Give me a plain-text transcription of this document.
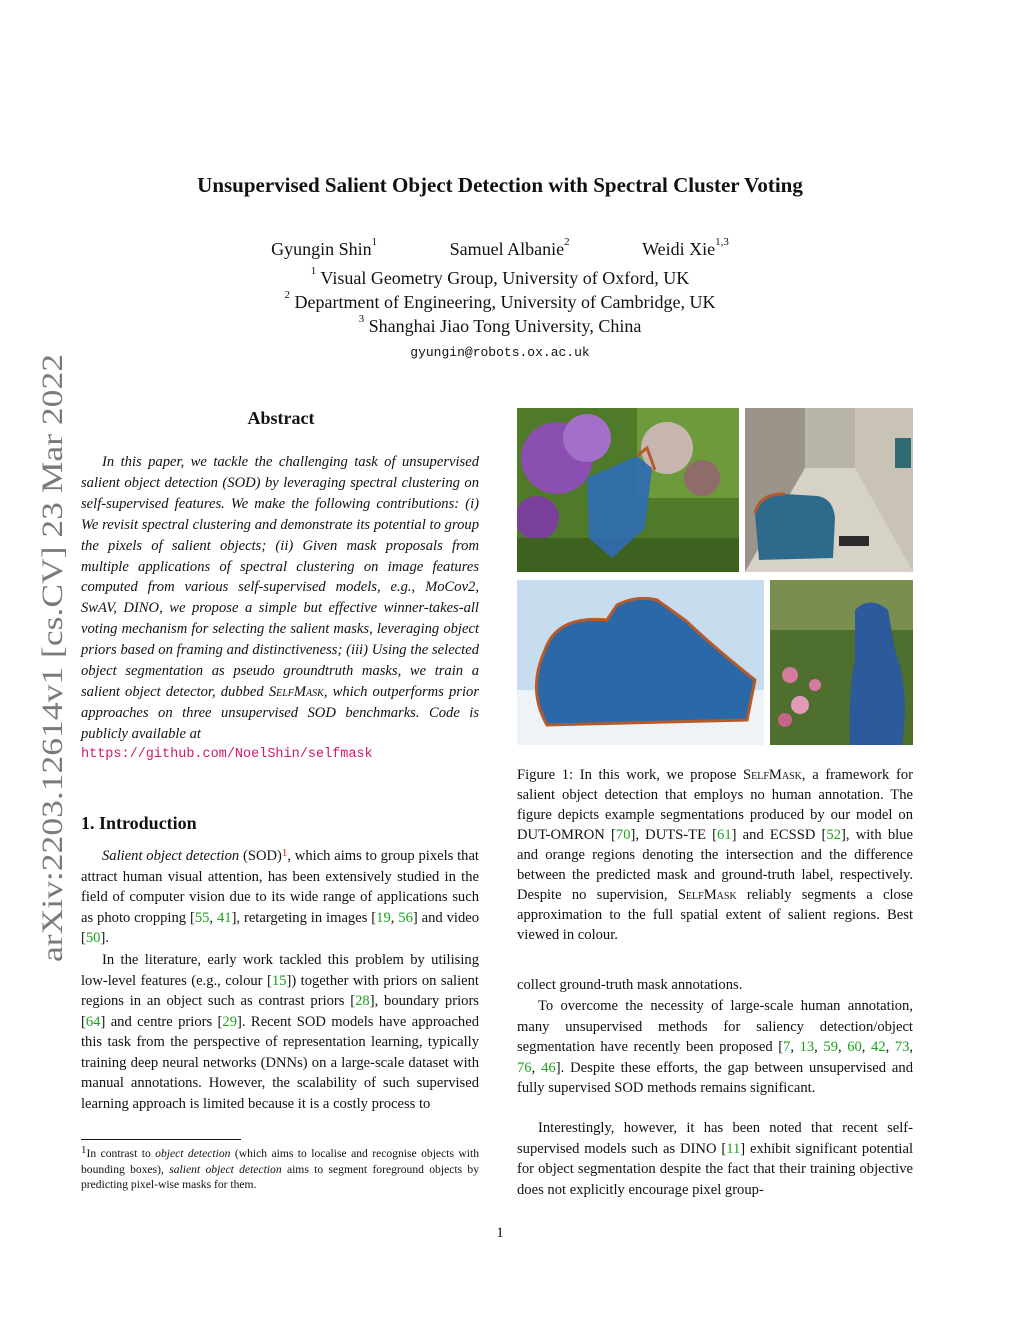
arXiv:2203.12614v1 [cs.CV] 23 Mar 2022
Unsupervised Salient Object Detection with Spectral Cluster Voting
Gyungin Shin$^1$	Samuel Albanie$^2$	Weidi Xie$^{1,3}$
$^1$ Visual Geometry Group, University of Oxford, UK
$^2$ Department of Engineering, University of Cambridge, UK
$^3$ Shanghai Jiao Tong University, China
gyungin@robots.ox.ac.uk
Abstract
In this paper, we tackle the challenging task of unsupervised salient object detection (SOD) by leveraging spectral clustering on self-supervised features. We make the following contributions: (i) We revisit spectral clustering and demonstrate its potential to group the pixels of salient objects; (ii) Given mask proposals from multiple applications of spectral clustering on image features computed from various self-supervised models, e.g., MoCov2, SwAV, DINO, we propose a simple but effective winner-takes-all voting mechanism for selecting the salient masks, leveraging object priors based on framing and distinctiveness; (iii) Using the selected object segmentation as pseudo groundtruth masks, we train a salient object detector, dubbed SelfMask, which outperforms prior approaches on three unsupervised SOD benchmarks. Code is publicly available at
https://github.com/NoelShin/selfmask
1. Introduction
Salient object detection (SOD)$^1$, which aims to group pixels that attract human visual attention, has been extensively studied in the field of computer vision due to its wide range of applications such as photo cropping [55, 41], retargeting in images [19, 56] and video [50].
In the literature, early work tackled this problem by utilising low-level features (e.g., colour [15]) together with priors on salient regions in an object such as contrast priors [28], boundary priors [64] and centre priors [29]. Recent SOD models have approached this task from the perspective of representation learning, typically training deep neural networks (DNNs) on a large-scale dataset with manual annotations. However, the scalability of such supervised learning approach is limited because it is a costly process to
$^1$In contrast to object detection (which aims to localise and recognise objects with bounding boxes), salient object detection aims to segment foreground objects by predicting pixel-wise masks for them.
Figure 1: In this work, we propose SelfMask, a framework for salient object detection that employs no human annotation. The figure depicts example segmentations produced by our model on DUT-OMRON [70], DUTS-TE [61] and ECSSD [52], with blue and orange regions denoting the intersection and the difference between the predicted mask and ground-truth label, respectively. Despite no supervision, SelfMask reliably segments a close approximation to the full spatial extent of salient regions. Best viewed in colour.
collect ground-truth mask annotations.
To overcome the necessity of large-scale human annotation, many unsupervised methods for saliency detection/object segmentation have recently been proposed [7, 13, 59, 60, 42, 73, 76, 46]. Despite these efforts, the gap between unsupervised and fully supervised SOD methods remains significant.
Interestingly, however, it has been noted that recent self-supervised models such as DINO [11] exhibit significant potential for object segmentation despite the fact that their training objective does not explicitly encourage pixel group-
1
